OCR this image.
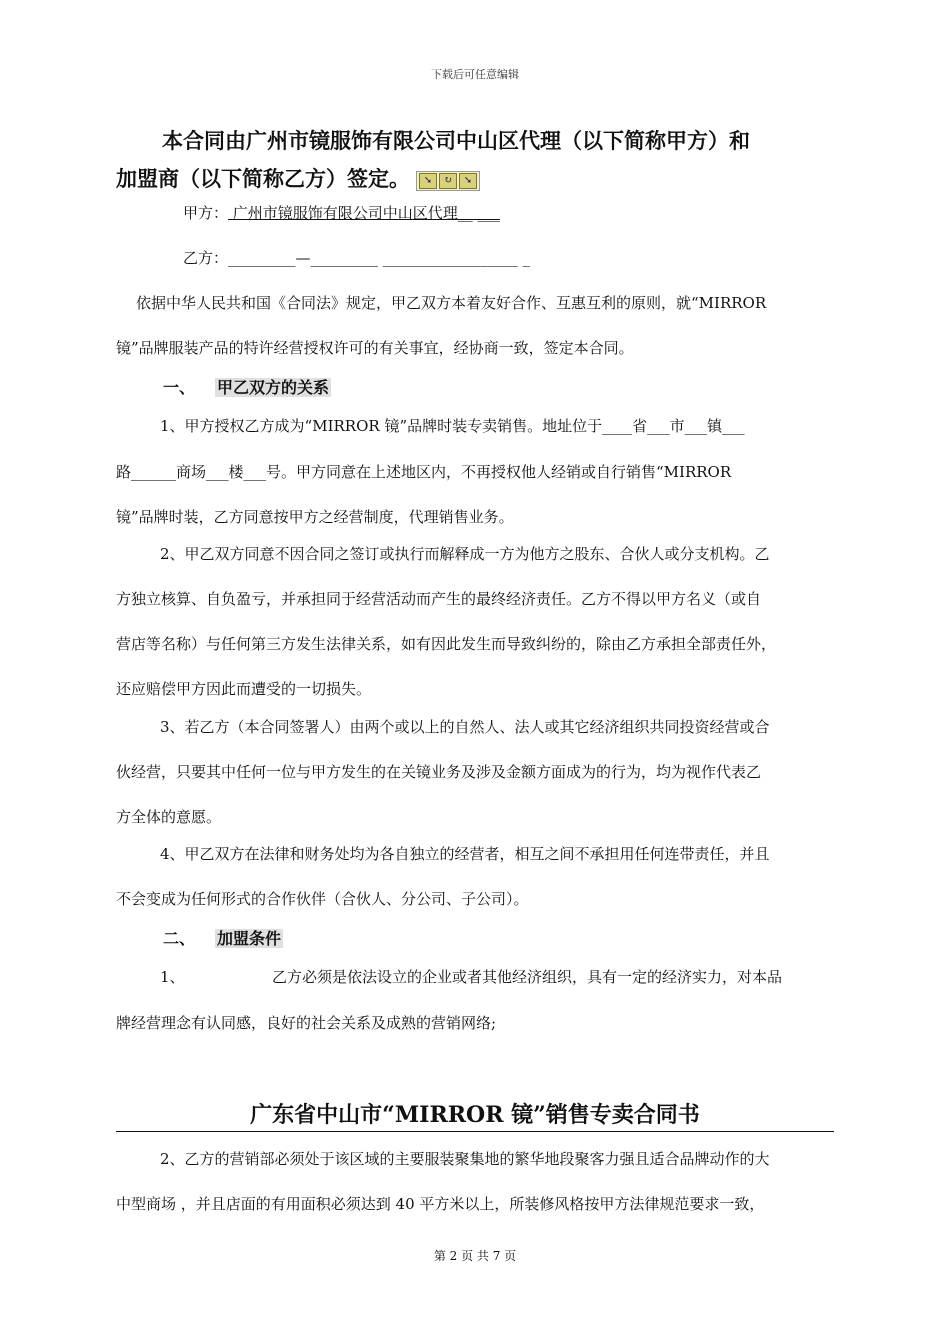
下载后可任意编辑
本合同由广州市镜服饰有限公司中山区代理（以下简称甲方）和
加盟商（以下简称乙方）签定。	➘	↻	➘
甲方： 广州市镜服饰有限公司中山区代理__ ___
乙方：_________—_________ __________________ _
依据中华人民共和国《合同法》规定，甲乙双方本着友好合作、互惠互利的原则，就“MIRROR
镜”品牌服装产品的特许经营授权许可的有关事宜，经协商一致，签定本合同。
一、 甲乙双方的关系
1、甲方授权乙方成为“MIRROR 镜”品牌时装专卖销售。地址位于____省___市___镇___
路______商场___楼___号。甲方同意在上述地区内，不再授权他人经销或自行销售“MIRROR
镜”品牌时装，乙方同意按甲方之经营制度，代理销售业务。
2、甲乙双方同意不因合同之签订或执行而解释成一方为他方之股东、合伙人或分支机构。乙
方独立核算、自负盈亏，并承担同于经营活动而产生的最终经济责任。乙方不得以甲方名义（或自
营店等名称）与任何第三方发生法律关系，如有因此发生而导致纠纷的，除由乙方承担全部责任外，
还应赔偿甲方因此而遭受的一切损失。
3、若乙方（本合同签署人）由两个或以上的自然人、法人或其它经济组织共同投资经营或合
伙经营，只要其中任何一位与甲方发生的在关镜业务及涉及金额方面成为的行为，均为视作代表乙
方全体的意愿。
4、甲乙双方在法律和财务处均为各自独立的经营者，相互之间不承担用任何连带责任，并且
不会变成为任何形式的合作伙伴（合伙人、分公司、子公司）。
二、 加盟条件
1、	乙方必须是依法设立的企业或者其他经济组织，具有一定的经济实力，对本品
牌经营理念有认同感，良好的社会关系及成熟的营销网络;
广东省中山市“MIRROR 镜”销售专卖合同书
2、乙方的营销部必须处于该区域的主要服装聚集地的繁华地段聚客力强且适合品牌动作的大
中型商场 ，并且店面的有用面积必须达到 40 平方米以上，所装修风格按甲方法律规范要求一致，
第 2 页 共 7 页
